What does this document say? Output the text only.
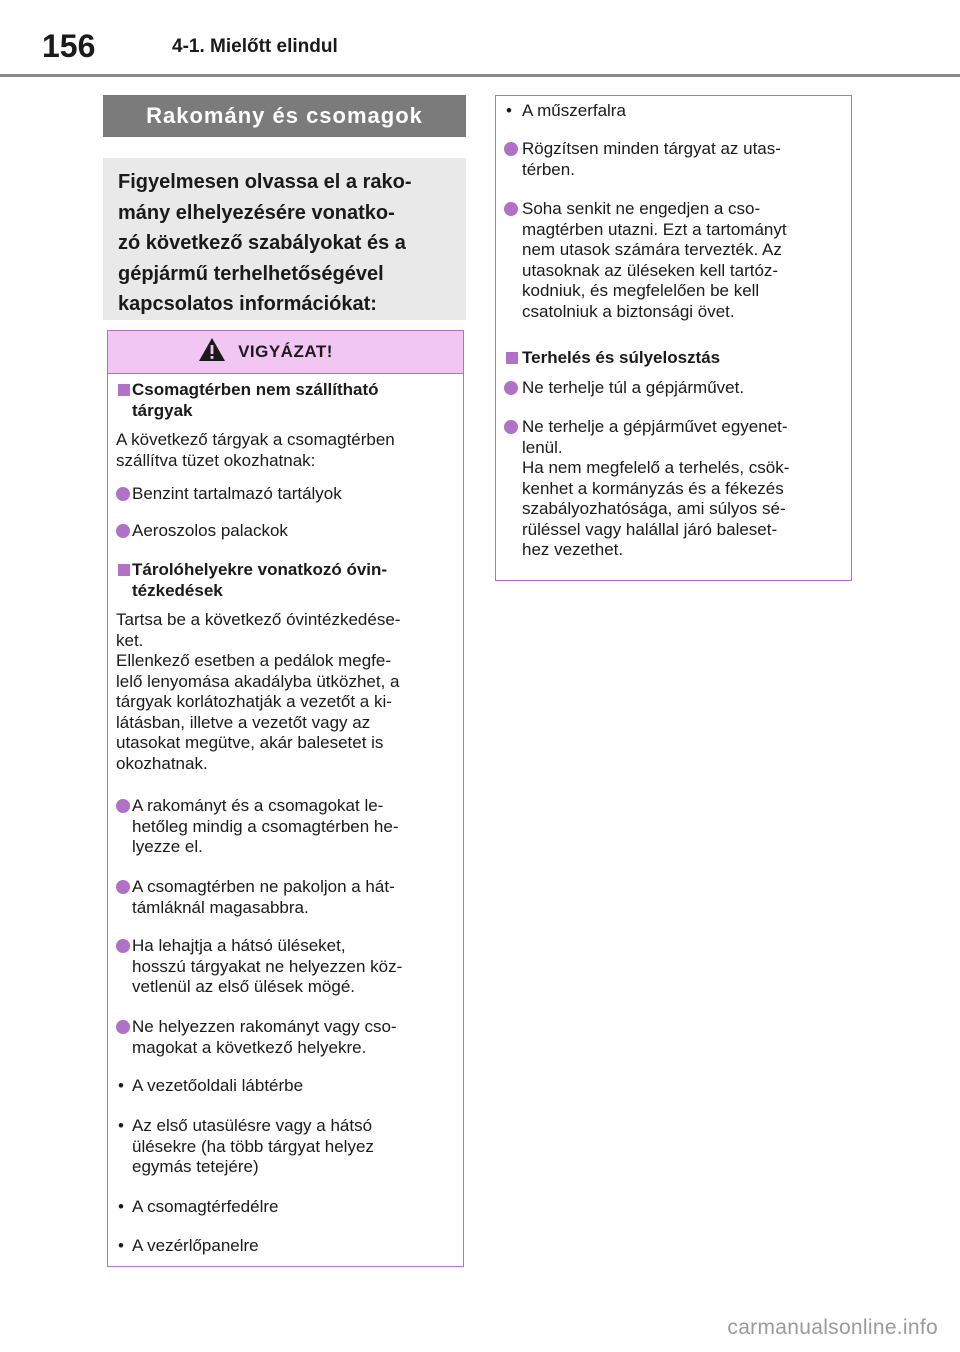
156	4-1. Mielőtt elindul
Rakomány és csomagok
Figyelmesen olvassa el a rako-
mány elhelyezésére vonatko-
zó következő szabályokat és a
gépjármű terhelhetőségével
kapcsolatos információkat:
VIGYÁZAT!
Csomagtérben nem szállítható
tárgyak
A következő tárgyak a csomagtérben
szállítva tüzet okozhatnak:
Benzint tartalmazó tartályok
Aeroszolos palackok
Tárolóhelyekre vonatkozó óvin-
tézkedések
Tartsa be a következő óvintézkedése-
ket.
Ellenkező esetben a pedálok megfe-
lelő lenyomása akadályba ütközhet, a
tárgyak korlátozhatják a vezetőt a ki-
látásban, illetve a vezetőt vagy az
utasokat megütve, akár balesetet is
okozhatnak.
A rakományt és a csomagokat le-
hetőleg mindig a csomagtérben he-
lyezze el.
A csomagtérben ne pakoljon a hát-
támláknál magasabbra.
Ha lehajtja a hátsó üléseket,
hosszú tárgyakat ne helyezzen köz-
vetlenül az első ülések mögé.
Ne helyezzen rakományt vagy cso-
magokat a következő helyekre.
• A vezetőoldali lábtérbe
• Az első utasülésre vagy a hátsó
ülésekre (ha több tárgyat helyez
egymás tetejére)
• A csomagtérfedélre
• A vezérlőpanelre
• A műszerfalra
Rögzítsen minden tárgyat az utas-
térben.
Soha senkit ne engedjen a cso-
magtérben utazni. Ezt a tartományt
nem utasok számára tervezték. Az
utasoknak az üléseken kell tartóz-
kodniuk, és megfelelően be kell
csatolniuk a biztonsági övet.
Terhelés és súlyelosztás
Ne terhelje túl a gépjárművet.
Ne terhelje a gépjárművet egyenet-
lenül.
Ha nem megfelelő a terhelés, csök-
kenhet a kormányzás és a fékezés
szabályozhatósága, ami súlyos sé-
rüléssel vagy halállal járó baleset-
hez vezethet.
carmanualsonline.info
